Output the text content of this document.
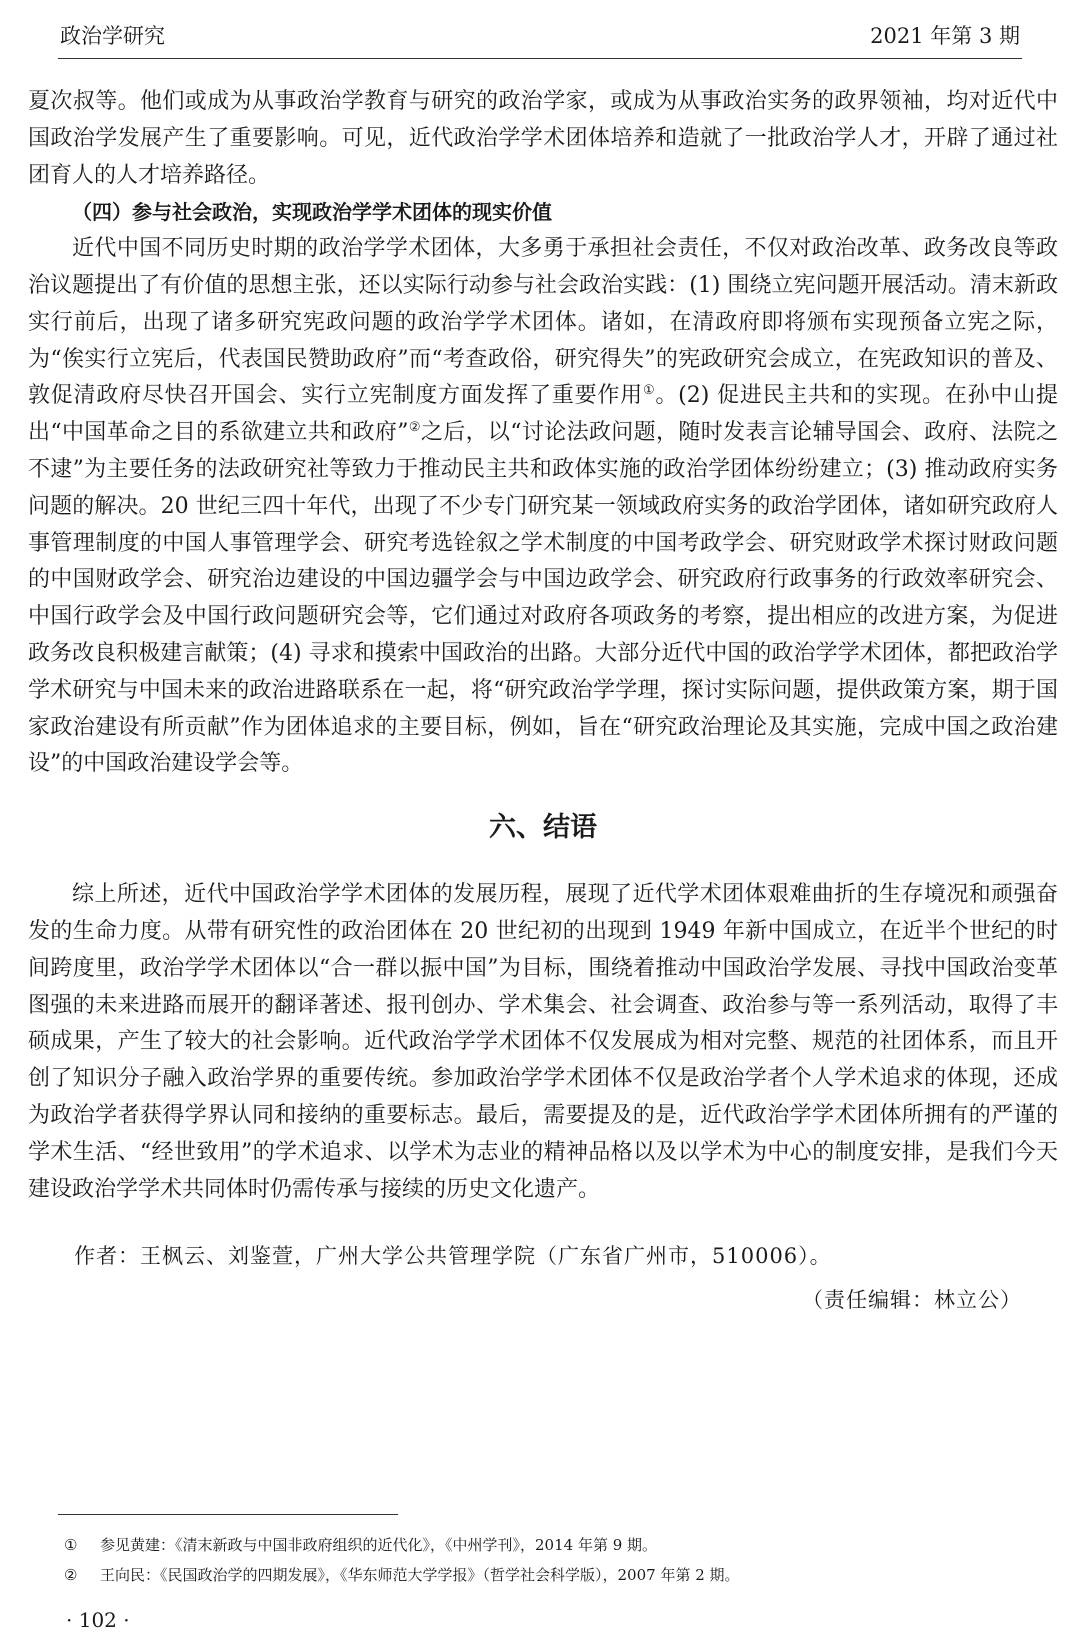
政治学研究	2021 年第 3 期

夏次叔等。他们或成为从事政治学教育与研究的政治学家，或成为从事政治实务的政界领袖，均对近代中国政治学发展产生了重要影响。可见，近代政治学学术团体培养和造就了一批政治学人才，开辟了通过社团育人的人才培养路径。

（四）参与社会政治，实现政治学学术团体的现实价值

近代中国不同历史时期的政治学学术团体，大多勇于承担社会责任，不仅对政治改革、政务改良等政治议题提出了有价值的思想主张，还以实际行动参与社会政治实践：(1) 围绕立宪问题开展活动。清末新政实行前后，出现了诸多研究宪政问题的政治学学术团体。诸如，在清政府即将颁布实现预备立宪之际，为“俟实行立宪后，代表国民赞助政府”而“考查政俗，研究得失”的宪政研究会成立，在宪政知识的普及、敦促清政府尽快召开国会、实行立宪制度方面发挥了重要作用①。(2) 促进民主共和的实现。在孙中山提出“中国革命之目的系欲建立共和政府”②之后，以“讨论法政问题，随时发表言论辅导国会、政府、法院之不逮”为主要任务的法政研究社等致力于推动民主共和政体实施的政治学团体纷纷建立；(3) 推动政府实务问题的解决。20 世纪三四十年代，出现了不少专门研究某一领域政府实务的政治学团体，诸如研究政府人事管理制度的中国人事管理学会、研究考选铨叙之学术制度的中国考政学会、研究财政学术探讨财政问题的中国财政学会、研究治边建设的中国边疆学会与中国边政学会、研究政府行政事务的行政效率研究会、中国行政学会及中国行政问题研究会等，它们通过对政府各项政务的考察，提出相应的改进方案，为促进政务改良积极建言献策；(4) 寻求和摸索中国政治的出路。大部分近代中国的政治学学术团体，都把政治学学术研究与中国未来的政治进路联系在一起，将“研究政治学学理，探讨实际问题，提供政策方案，期于国家政治建设有所贡献”作为团体追求的主要目标，例如，旨在“研究政治理论及其实施，完成中国之政治建设”的中国政治建设学会等。

六、结语

综上所述，近代中国政治学学术团体的发展历程，展现了近代学术团体艰难曲折的生存境况和顽强奋发的生命力度。从带有研究性的政治团体在 20 世纪初的出现到 1949 年新中国成立，在近半个世纪的时间跨度里，政治学学术团体以“合一群以振中国”为目标，围绕着推动中国政治学发展、寻找中国政治变革图强的未来进路而展开的翻译著述、报刊创办、学术集会、社会调查、政治参与等一系列活动，取得了丰硕成果，产生了较大的社会影响。近代政治学学术团体不仅发展成为相对完整、规范的社团体系，而且开创了知识分子融入政治学界的重要传统。参加政治学学术团体不仅是政治学者个人学术追求的体现，还成为政治学者获得学界认同和接纳的重要标志。最后，需要提及的是，近代政治学学术团体所拥有的严谨的学术生活、“经世致用”的学术追求、以学术为志业的精神品格以及以学术为中心的制度安排，是我们今天建设政治学学术共同体时仍需传承与接续的历史文化遗产。

作者：王枫云、刘鉴萱，广州大学公共管理学院（广东省广州市，510006）。
（责任编辑：林立公）
① 参见黄建：《清末新政与中国非政府组织的近代化》，《中州学刊》，2014 年第 9 期。
② 王向民：《民国政治学的四期发展》，《华东师范大学学报》（哲学社会科学版），2007 年第 2 期。
· 102 ·
